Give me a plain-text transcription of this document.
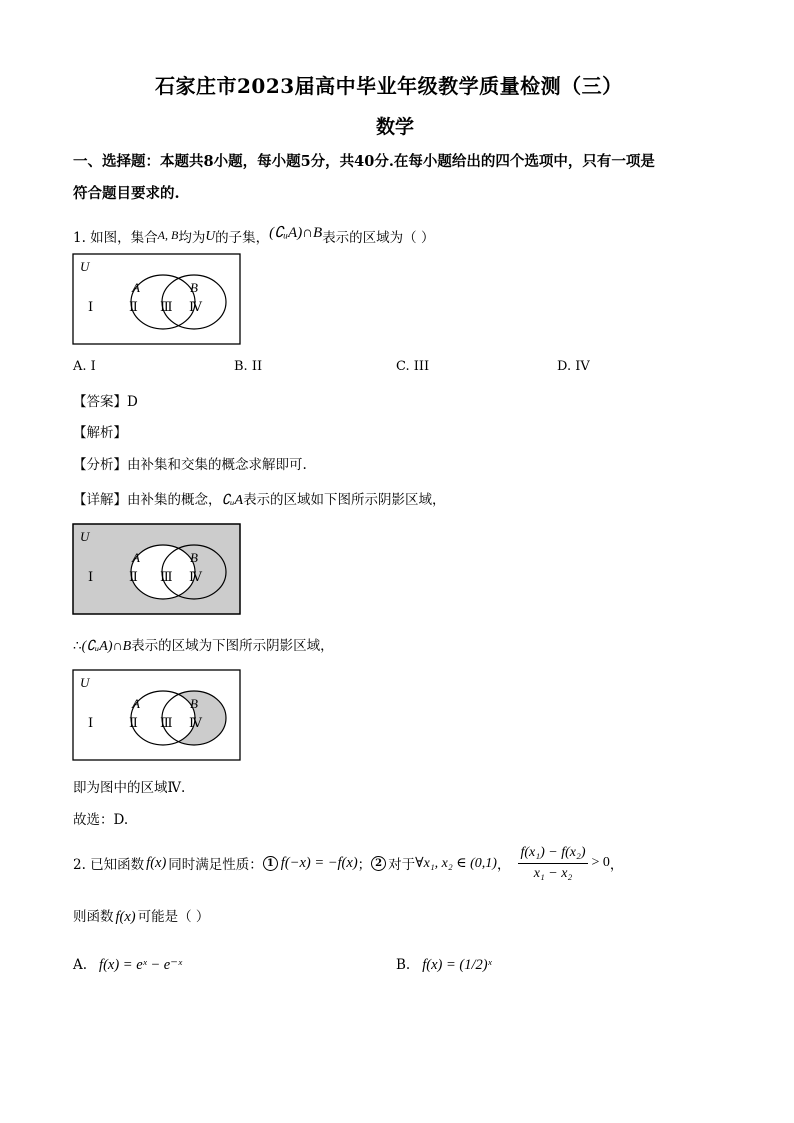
石家庄市2023届高中毕业年级教学质量检测（三）
数学
一、选择题：本题共8小题，每小题5分，共40分.在每小题给出的四个选项中，只有一项是
符合题目要求的.
1. 如图，集合A, B均为U的子集，(∁ᵤA)∩B表示的区域为（ ）
U
A	B
Ⅰ	Ⅱ Ⅲ Ⅳ
A. I	B. II	C. III	D. IV
【答案】D
【解析】
【分析】由补集和交集的概念求解即可.
【详解】由补集的概念，∁ᵤA表示的区域如下图所示阴影区域，
U
A	B
Ⅰ	Ⅱ Ⅲ Ⅳ
∴(∁ᵤA)∩B表示的区域为下图所示阴影区域，
U
A	B
Ⅰ	Ⅱ Ⅲ Ⅳ
即为图中的区域Ⅳ.
故选：D.
2. 已知函数 f(x) 同时满足性质： 1 f(−x) = −f(x) ； 2 对于 ∀x₁, x₂ ∈ (0,1) ， $\frac{\text{f(x₁) − f(x₂)}}{\text{x₁ − x₂}} > 0$ ，
则函数 f(x) 可能是（ ）
A. f(x) = eˣ − e⁻ˣ	B. f(x) = (1/2)ˣ
